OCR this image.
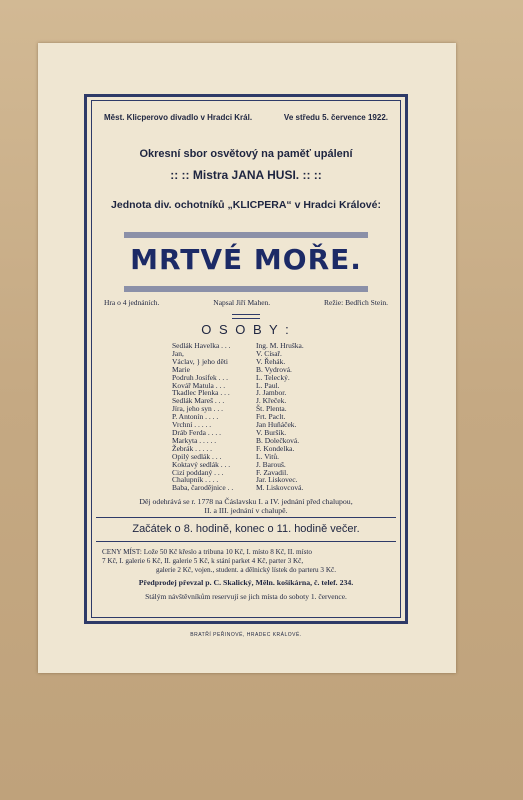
Měst. Klicperovo divadlo v Hradci Král.	Ve středu 5. července 1922.
Okresní sbor osvětový na paměť upálení
:: :: Mistra JANA HUSI. :: ::
Jednota div. ochotníků „KLICPERA“ v Hradci Králové:
MRTVÉ MOŘE.
Hra o 4 jednáních.	Napsal Jiří Mahen.	Režie: Bedřich Stein.
O S O B Y :
Sedlák Havelka . . .	Ing. M. Hruška.
Jan,	V. Císař.
Václav, } jeho děti	V. Řehák.
Marie	B. Vydrová.
Podruh Josífek . . .	L. Telecký.
Kovář Matula . . .	L. Paul.
Tkadlec Plenka . . .	J. Jambor.
Sedlák Mareš . . .	J. Křeček.
Jíra, jeho syn . . .	Št. Plenta.
P. Antonín . . . .	Frt. Paclt.
Vrchní . . . . .	Jan Huňáček.
Dráb Ferda . . . .	V. Buršík.
Markyta . . . . .	B. Dolečková.
Žebrák . . . . .	F. Kondelka.
Opilý sedlák . . .	L. Vitů.
Koktavý sedlák . . .	J. Barouš.
Cizí poddaný . . .	F. Zavadil.
Chalupník . . . .	Jar. Liskovec.
Baba, čarodějnice . .	M. Liskovcová.
Děj odehrává se r. 1778 na Čáslavsku I. a IV. jednání před chalupou,
II. a III. jednání v chalupě.
Začátek o 8. hodině, konec o 11. hodině večer.
CENY MÍST: Lože 50 Kč křeslo a tribuna 10 Kč, I. místo 8 Kč, II. místo
7 Kč, I. galerie 6 Kč, II. galerie 5 Kč, k stání parket 4 Kč, parter 3 Kč,
galerie 2 Kč, vojen., student. a dělnický lístek do parteru 3 Kč.
Předprodej převzal p. C. Skalický, Měln. košíkárna, č. telef. 234.
Stálým návštěvníkům reservují se jich místa do soboty 1. července.
BRATŘÍ PEŘINOVÉ, HRADEC KRÁLOVÉ.
